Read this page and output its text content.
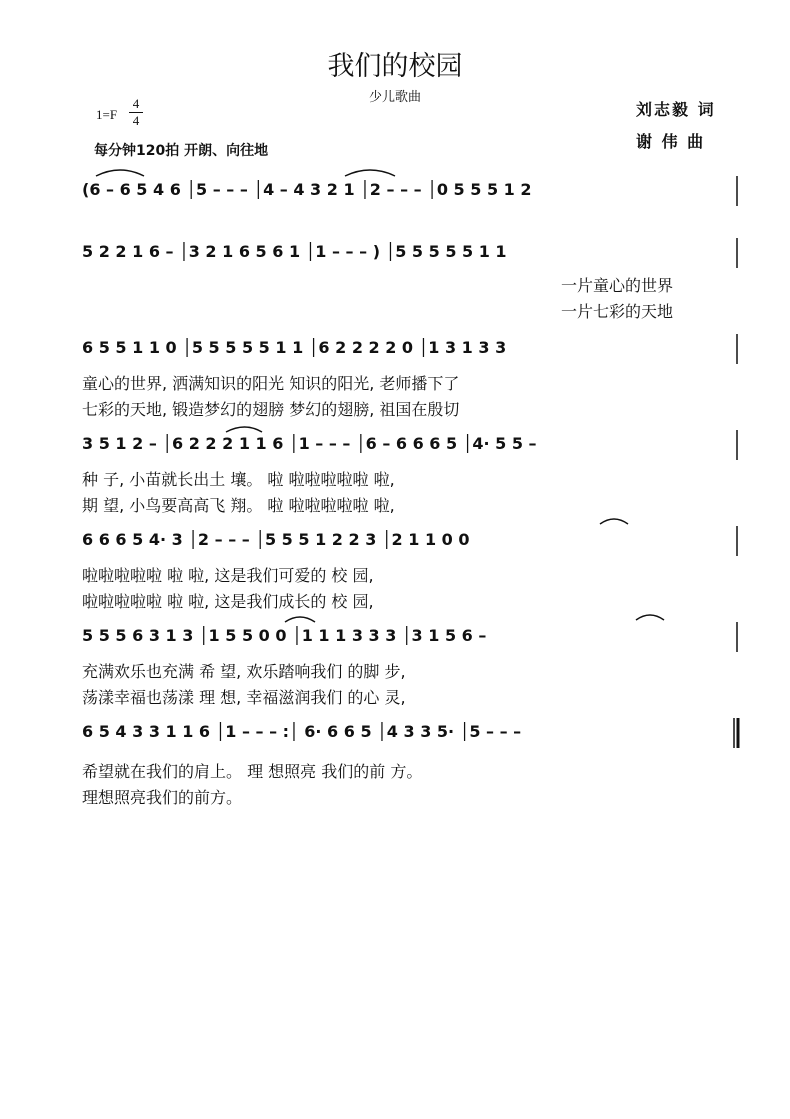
我们的校园
少儿歌曲
1=F
4
4
每分钟120拍 开朗、向往地
刘志毅 词
谢 伟 曲
(6 – 6 5 4 6 │5 – – – │4 – 4 3 2 1 │2 – – – │0 5 5 5 1 2
5 2 2 1 6 – │3 2 1 6 5 6 1 │1 – – – ) │5 5 5 5 5 1 1
一片童心的世界
一片七彩的天地
6 5 5 1 1 0 │5 5 5 5 5 1 1 │6 2 2 2 2 0 │1 3 1 3 3
童心的世界, 洒满知识的阳光 知识的阳光, 老师播下了
七彩的天地, 锻造梦幻的翅膀 梦幻的翅膀, 祖国在殷切
3 5 1 2 – │6 2 2 2 1 1 6 │1 – – – │6 – 6 6 6 5 │4· 5 5 –
种 子, 小苗就长出土 壤。 啦 啦啦啦啦啦 啦,
期 望, 小鸟要高高飞 翔。 啦 啦啦啦啦啦 啦,
6 6 6 5 4· 3 │2 – – – │5 5 5 1 2 2 3 │2 1 1 0 0
啦啦啦啦啦 啦 啦, 这是我们可爱的 校 园,
啦啦啦啦啦 啦 啦, 这是我们成长的 校 园,
5 5 5 6 3 1 3 │1 5 5 0 0 │1 1 1 3 3 3 │3 1 5 6 –
充满欢乐也充满 希 望, 欢乐踏响我们 的脚 步,
荡漾幸福也荡漾 理 想, 幸福滋润我们 的心 灵,
6 5 4 3 3 1 1 6 │1 – – – :│ 6· 6 6 5 │4 3 3 5· │5 – – –
希望就在我们的肩上。 理 想照亮 我们的前 方。
理想照亮我们的前方。
